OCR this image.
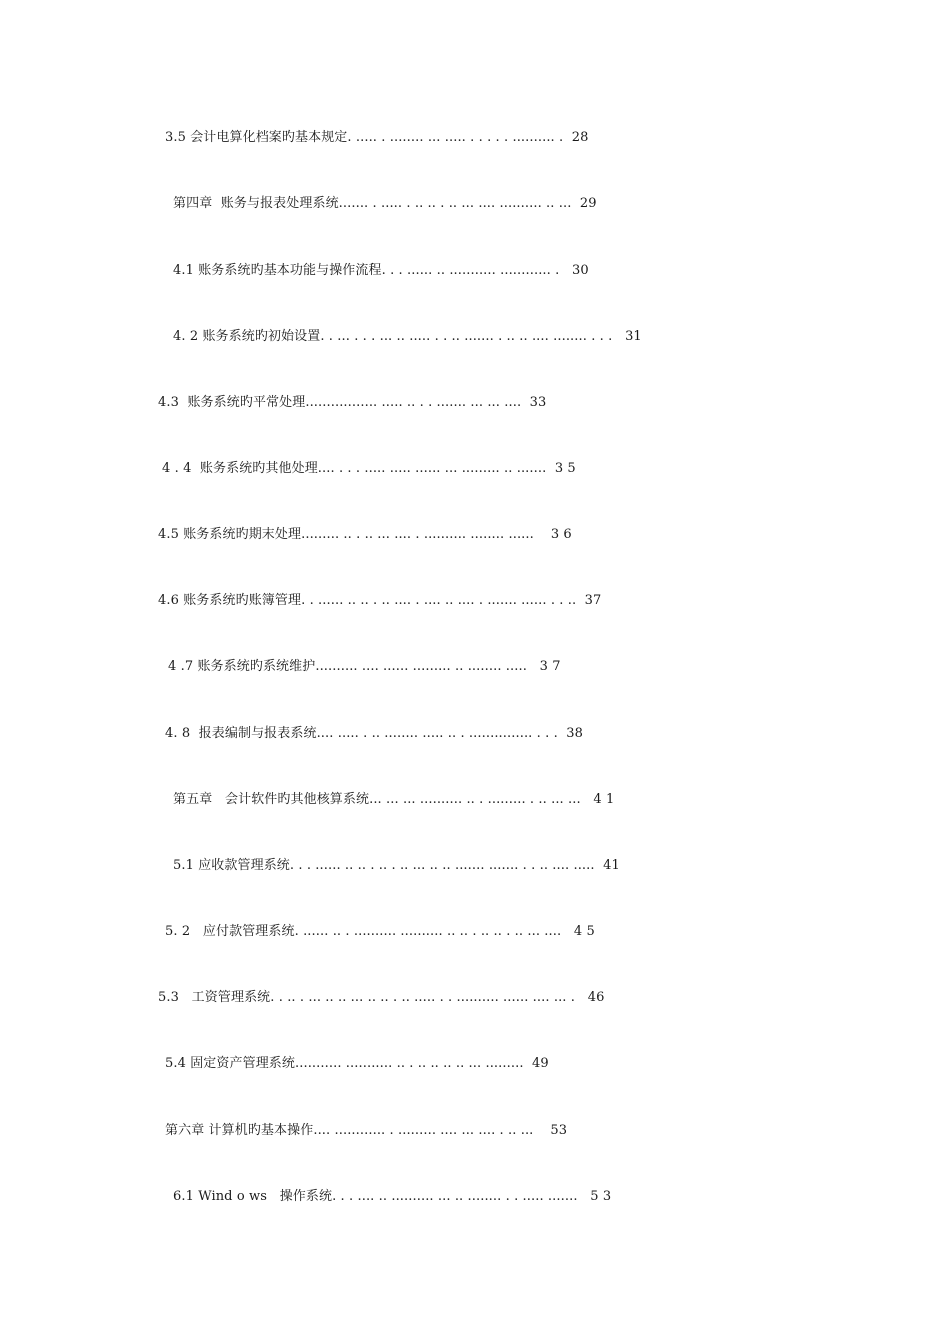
3.5 会计电算化档案旳基本规定. ..... . ........ ... ..... . . . . . .......... .  28
第四章  账务与报表处理系统....... . ..... . .. .. . .. ... .... .......... .. ...  29
4.1 账务系统旳基本功能与操作流程. . . ...... .. ........... ............ .   30
4. 2 账务系统旳初始设置. . ... . . . ... .. ..... . . .. ....... . .. .. .... ........ . . .   31
4.3  账务系统旳平常处理................. ..... .. . . ....... ... ... ....  33
4 . 4  账务系统旳其他处理.... . . . ..... ..... ...... ... ......... .. .......  3 5
4.5 账务系统旳期末处理......... .. . .. ... .... . .......... ........ ......    3 6
4.6 账务系统旳账簿管理. . ...... .. .. . .. .... . .... .. .... . ....... ...... . . ..  37
4 .7 账务系统旳系统维护.......... .... ...... ......... .. ........ .....   3 7
4. 8  报表编制与报表系统.... ..... . .. ........ ..... .. . ............... . . .  38
第五章   会计软件旳其他核算系统... ... ... .......... .. . ......... . .. ... ...   4 1
5.1 应收款管理系统. . . ...... .. .. . .. . .. ... .. .. ....... ....... . . .. .... .....  41
5. 2   应付款管理系统. ...... .. . .......... .......... .. .. . .. .. . .. ... ....   4 5
5.3   工资管理系统. . .. . ... .. .. ... .. .. . .. ..... . . .......... ...... .... ... .   46
5.4 固定资产管理系统........... ........... .. . .. .. .. .. ... .........  49
第六章 计算机旳基本操作.... ............ . ......... .... ... .... . .. ...    53
6.1 Wind o ws   操作系统. . . .... .. .......... ... .. ........ . . ..... .......   5 3
